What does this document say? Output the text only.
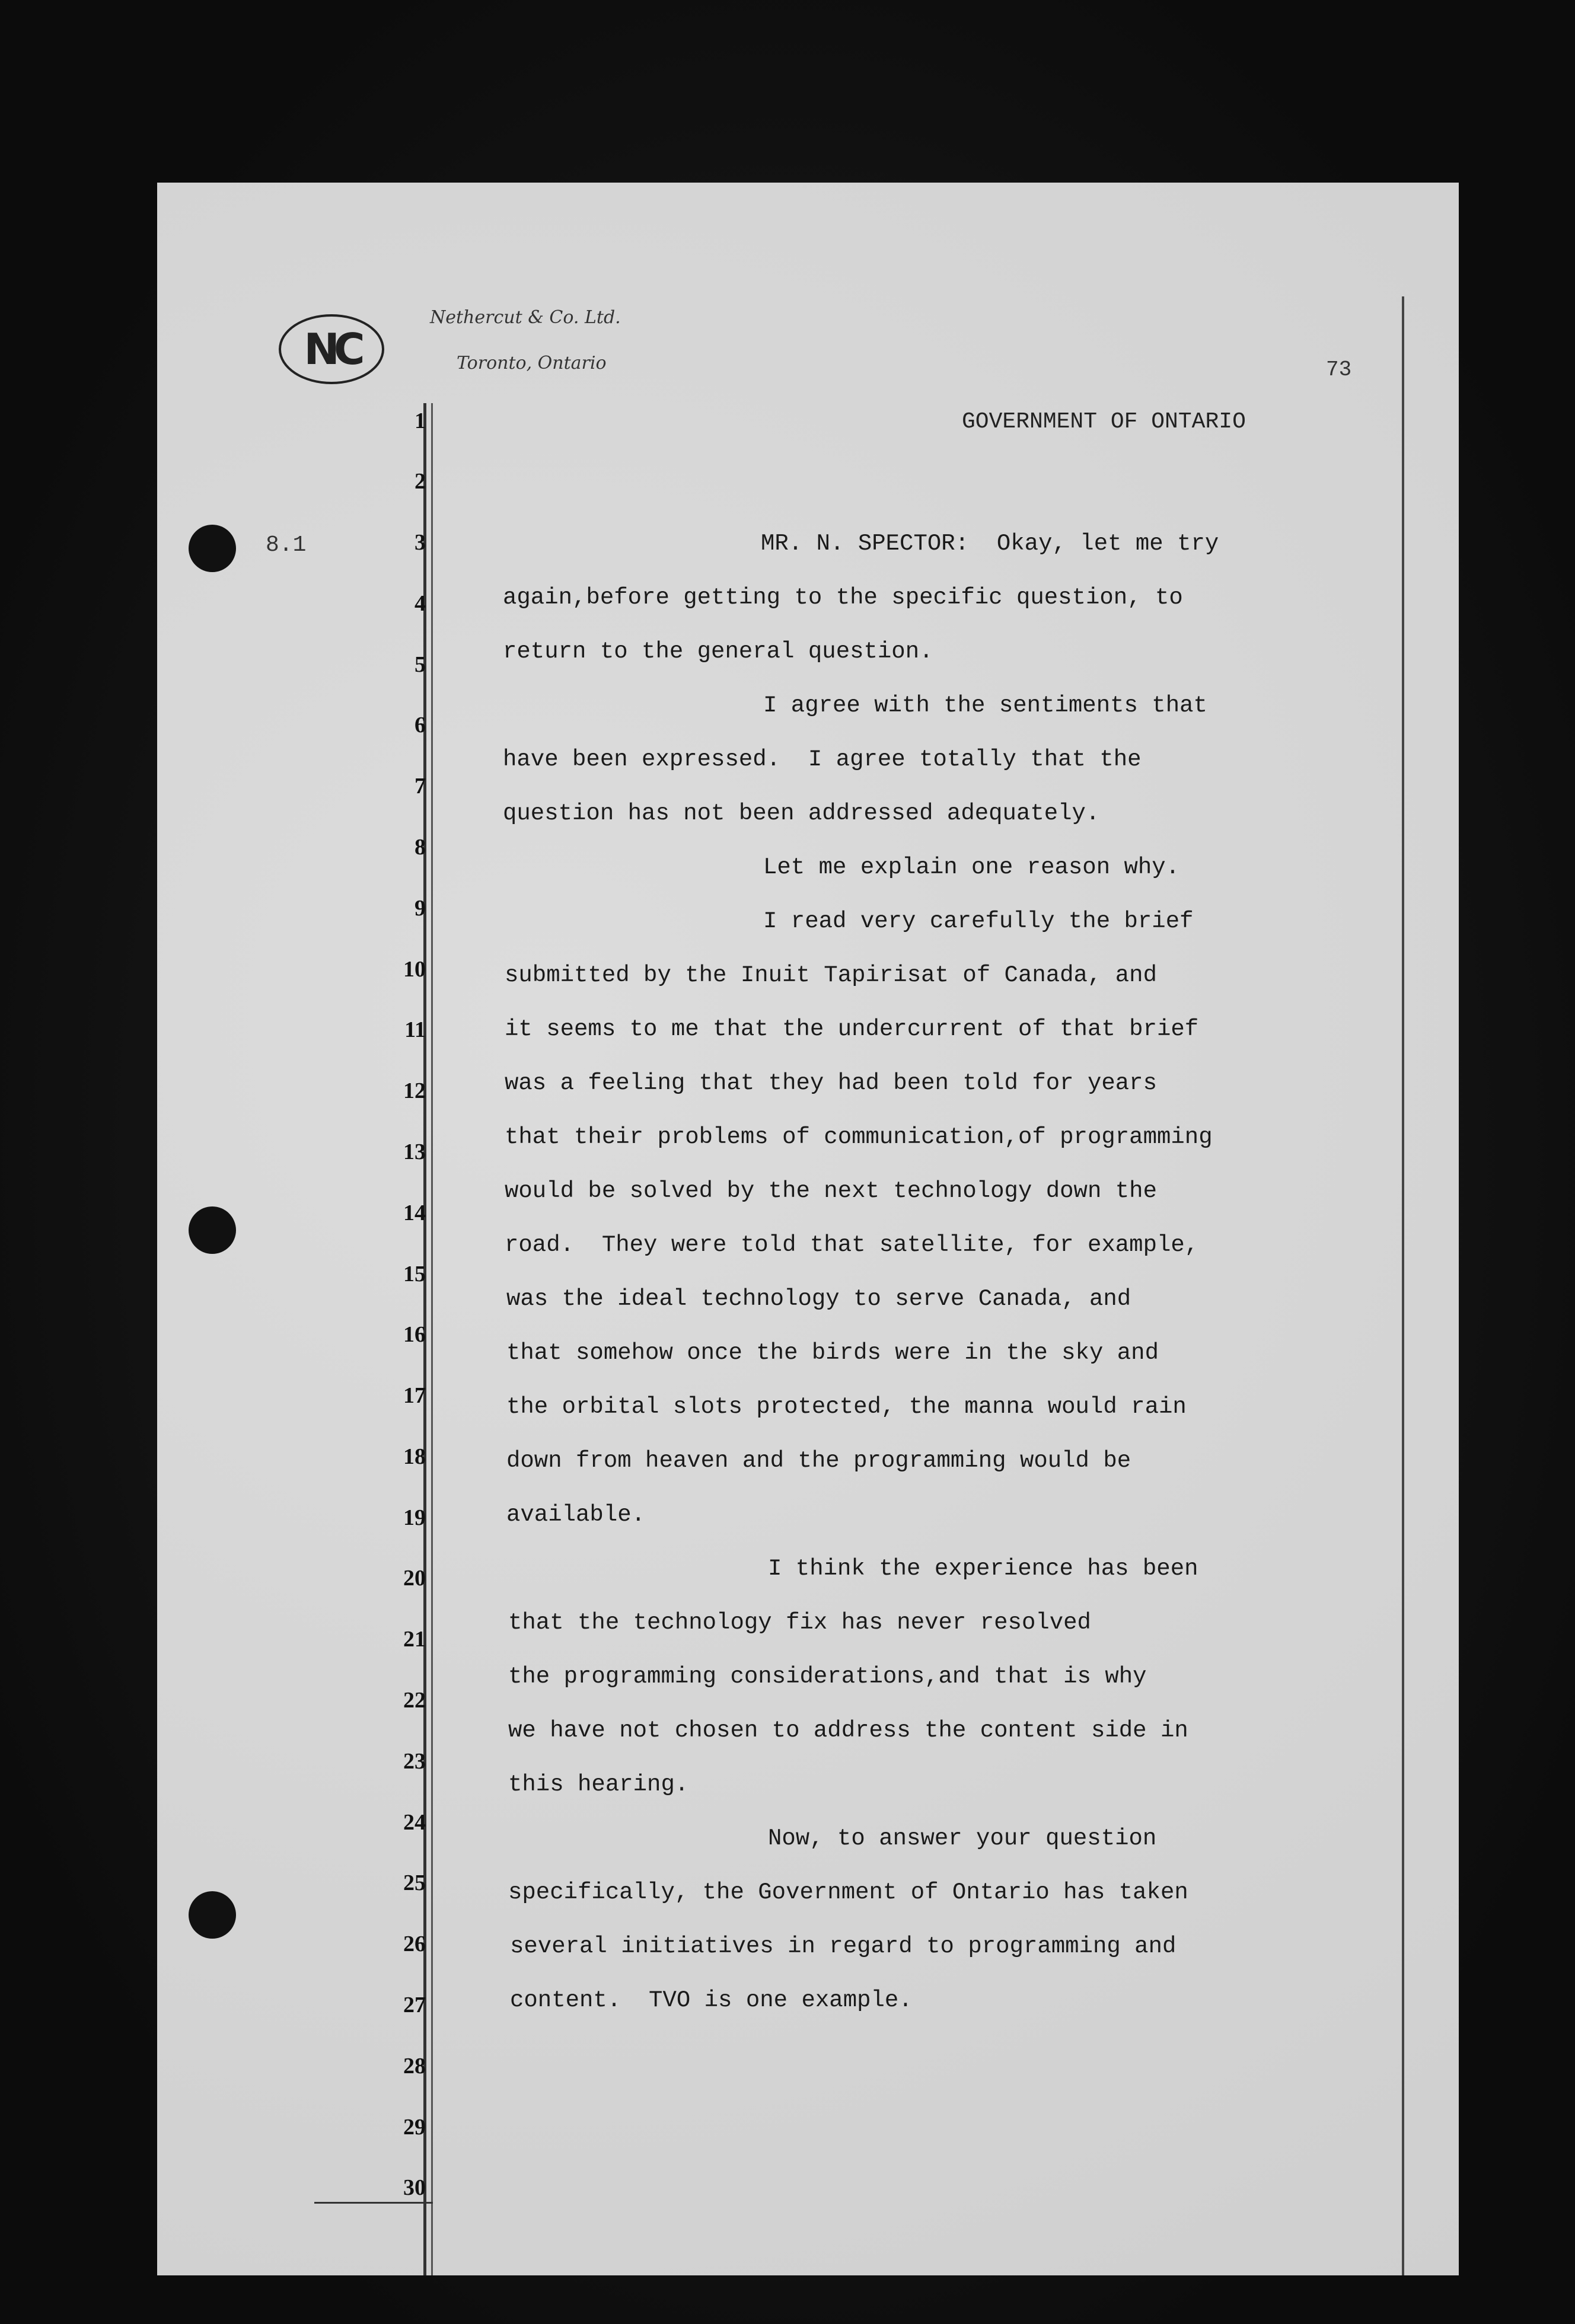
NC
Nethercut & Co. Ltd.
Toronto, Ontario	73
GOVERNMENT OF ONTARIO
8.1
1
2
3
4
5
6
7
8
9
10
11
12
13
14
15
16
17
18
19
20
21
22
23
24
25
26
27
28
29
30
MR. N. SPECTOR:  Okay, let me try
again,before getting to the specific question, to
return to the general question.
I agree with the sentiments that
have been expressed.  I agree totally that the
question has not been addressed adequately.
Let me explain one reason why.
I read very carefully the brief
submitted by the Inuit Tapirisat of Canada, and
it seems to me that the undercurrent of that brief
was a feeling that they had been told for years
that their problems of communication,of programming
would be solved by the next technology down the
road.  They were told that satellite, for example,
was the ideal technology to serve Canada, and
that somehow once the birds were in the sky and
the orbital slots protected, the manna would rain
down from heaven and the programming would be
available.
I think the experience has been
that the technology fix has never resolved
the programming considerations,and that is why
we have not chosen to address the content side in
this hearing.
Now, to answer your question
specifically, the Government of Ontario has taken
several initiatives in regard to programming and
content.  TVO is one example.
